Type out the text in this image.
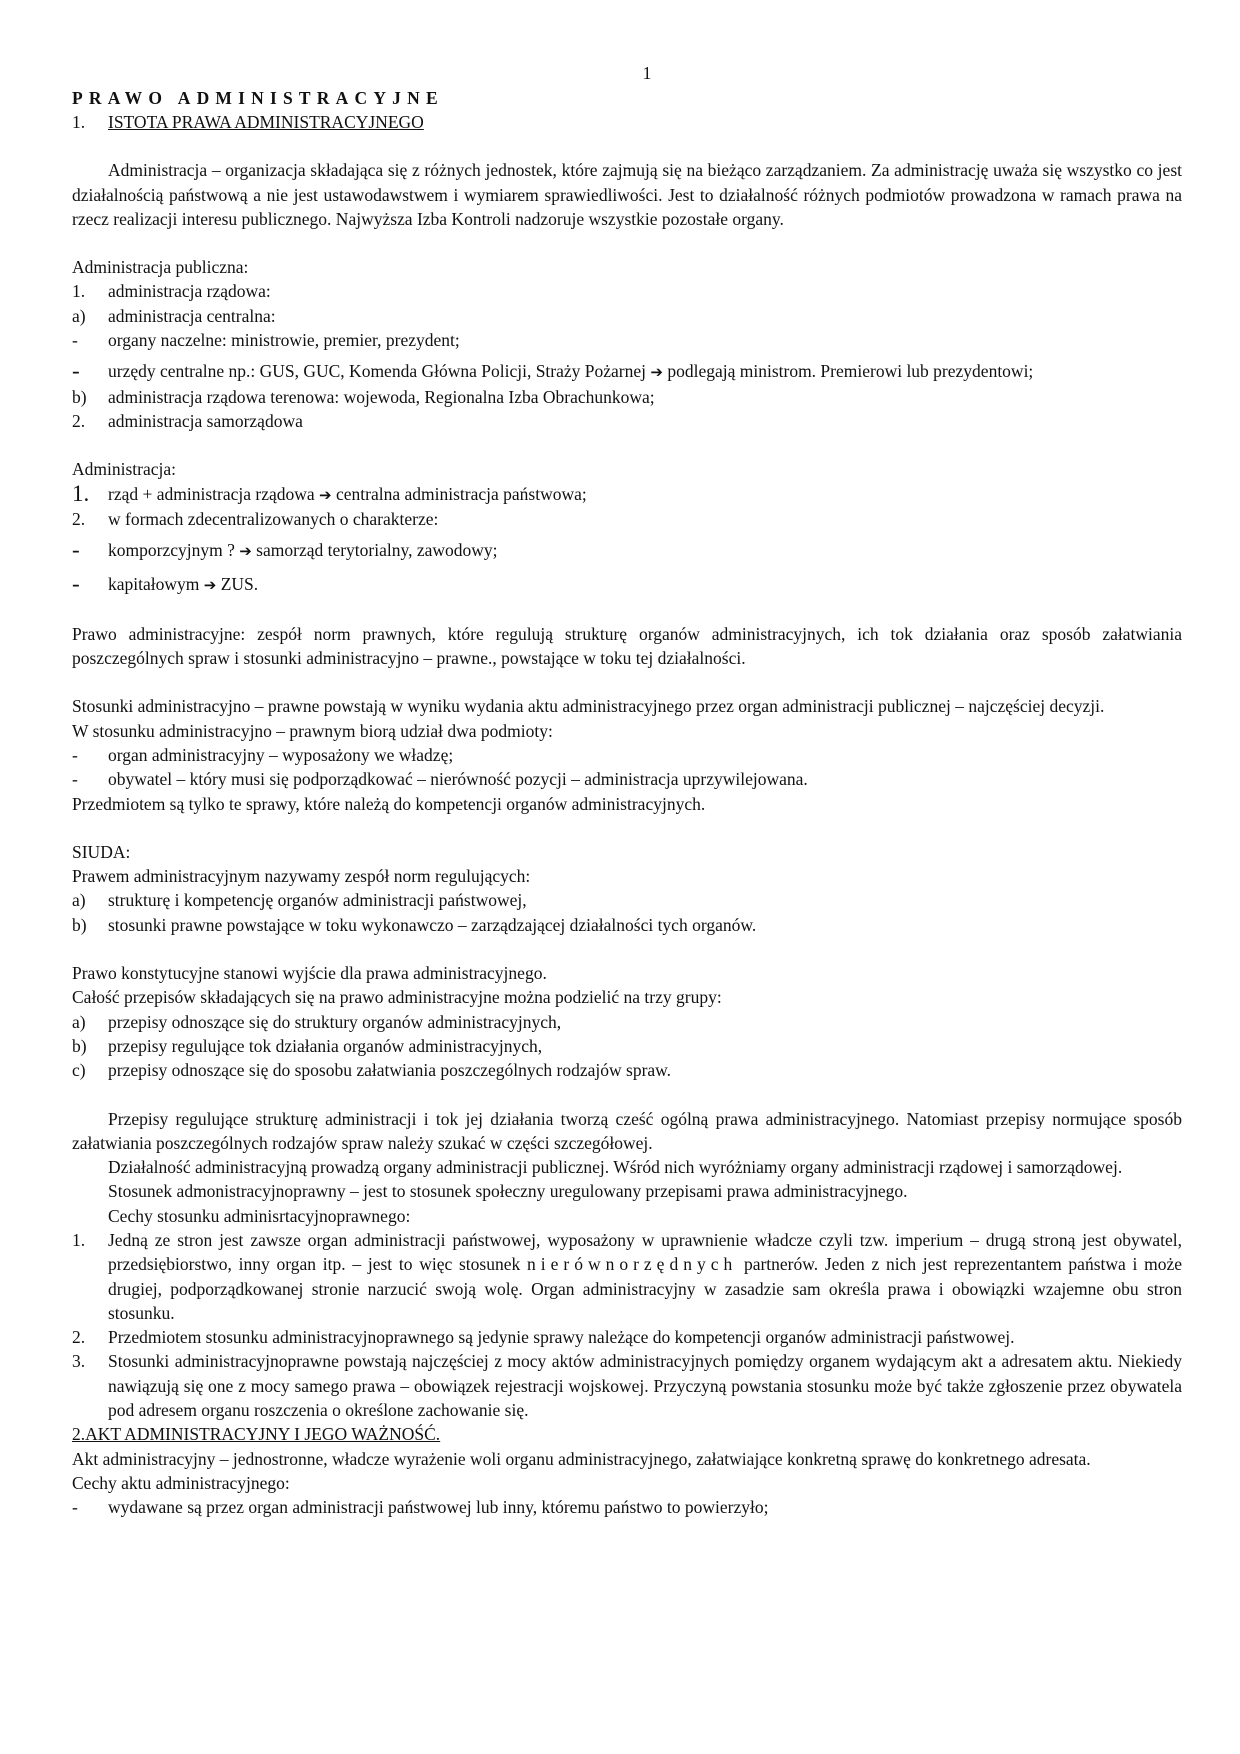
1
PRAWO ADMINISTRACYJNE
1.	ISTOTA PRAWA ADMINISTRACYJNEGO
Administracja – organizacja składająca się z różnych jednostek, które zajmują się na bieżąco zarządzaniem. Za administrację uważa się wszystko co jest działalnością państwową a nie jest ustawodawstwem i wymiarem sprawiedliwości. Jest to działalność różnych podmiotów prowadzona w ramach prawa na rzecz realizacji interesu publicznego. Najwyższa Izba Kontroli nadzoruje wszystkie pozostałe organy.
Administracja publiczna:
1.	administracja rządowa:
a)	administracja centralna:
-	organy naczelne: ministrowie, premier, prezydent;
-	urzędy centralne np.: GUS, GUC, Komenda Główna Policji, Straży Pożarnej ➔ podlegają ministrom. Premierowi lub prezydentowi;
b)	administracja rządowa terenowa: wojewoda, Regionalna Izba Obrachunkowa;
2.	administracja samorządowa
Administracja:
1.	rząd + administracja rządowa ➔ centralna administracja państwowa;
2.	w formach zdecentralizowanych o charakterze:
-	komporzcyjnym ? ➔ samorząd terytorialny, zawodowy;
-	kapitałowym ➔ ZUS.
Prawo administracyjne: zespół norm prawnych, które regulują strukturę organów administracyjnych, ich tok działania oraz sposób załatwiania poszczególnych spraw i stosunki administracyjno – prawne., powstające w toku tej działalności.
Stosunki administracyjno – prawne powstają w wyniku wydania aktu administracyjnego przez organ administracji publicznej – najczęściej decyzji.
W stosunku administracyjno – prawnym biorą udział dwa podmioty:
-	organ administracyjny – wyposażony we władzę;
-	obywatel – który musi się podporządkować – nierówność pozycji – administracja uprzywilejowana.
Przedmiotem są tylko te sprawy, które należą do kompetencji organów administracyjnych.
SIUDA:
Prawem administracyjnym nazywamy zespół norm regulujących:
a)	strukturę i kompetencję organów administracji państwowej,
b)	stosunki prawne powstające w toku wykonawczo – zarządzającej działalności tych organów.
Prawo konstytucyjne stanowi wyjście dla prawa administracyjnego.
Całość przepisów składających się na prawo administracyjne można podzielić na trzy grupy:
a)	przepisy odnoszące się do struktury organów administracyjnych,
b)	przepisy regulujące tok działania organów administracyjnych,
c)	przepisy odnoszące się do sposobu załatwiania poszczególnych rodzajów spraw.
Przepisy regulujące strukturę administracji i tok jej działania tworzą cześć ogólną prawa administracyjnego. Natomiast przepisy normujące sposób załatwiania poszczególnych rodzajów spraw należy szukać w części szczegółowej.
Działalność administracyjną prowadzą organy administracji publicznej. Wśród nich wyróżniamy organy administracji rządowej i samorządowej.
Stosunek admonistracyjnoprawny – jest to stosunek społeczny uregulowany przepisami prawa administracyjnego.
Cechy stosunku adminisrtacyjnoprawnego:
1.	Jedną ze stron jest zawsze organ administracji państwowej, wyposażony w uprawnienie władcze czyli tzw. imperium – drugą stroną jest obywatel, przedsiębiorstwo, inny organ itp. – jest to więc stosunek nierównorzędnych partnerów. Jeden z nich jest reprezentantem państwa i może drugiej, podporządkowanej stronie narzucić swoją wolę. Organ administracyjny w zasadzie sam określa prawa i obowiązki wzajemne obu stron stosunku.
2.	Przedmiotem stosunku administracyjnoprawnego są jedynie sprawy należące do kompetencji organów administracji państwowej.
3.	Stosunki administracyjnoprawne powstają najczęściej z mocy aktów administracyjnych pomiędzy organem wydającym akt a adresatem aktu. Niekiedy nawiązują się one z mocy samego prawa – obowiązek rejestracji wojskowej. Przyczyną powstania stosunku może być także zgłoszenie przez obywatela pod adresem organu roszczenia o określone zachowanie się.
2.AKT ADMINISTRACYJNY I JEGO WAŻNOŚĆ.
Akt administracyjny – jednostronne, władcze wyrażenie woli organu administracyjnego, załatwiające konkretną sprawę do konkretnego adresata.
Cechy aktu administracyjnego:
-	wydawane są przez organ administracji państwowej lub inny, któremu państwo to powierzyło;
